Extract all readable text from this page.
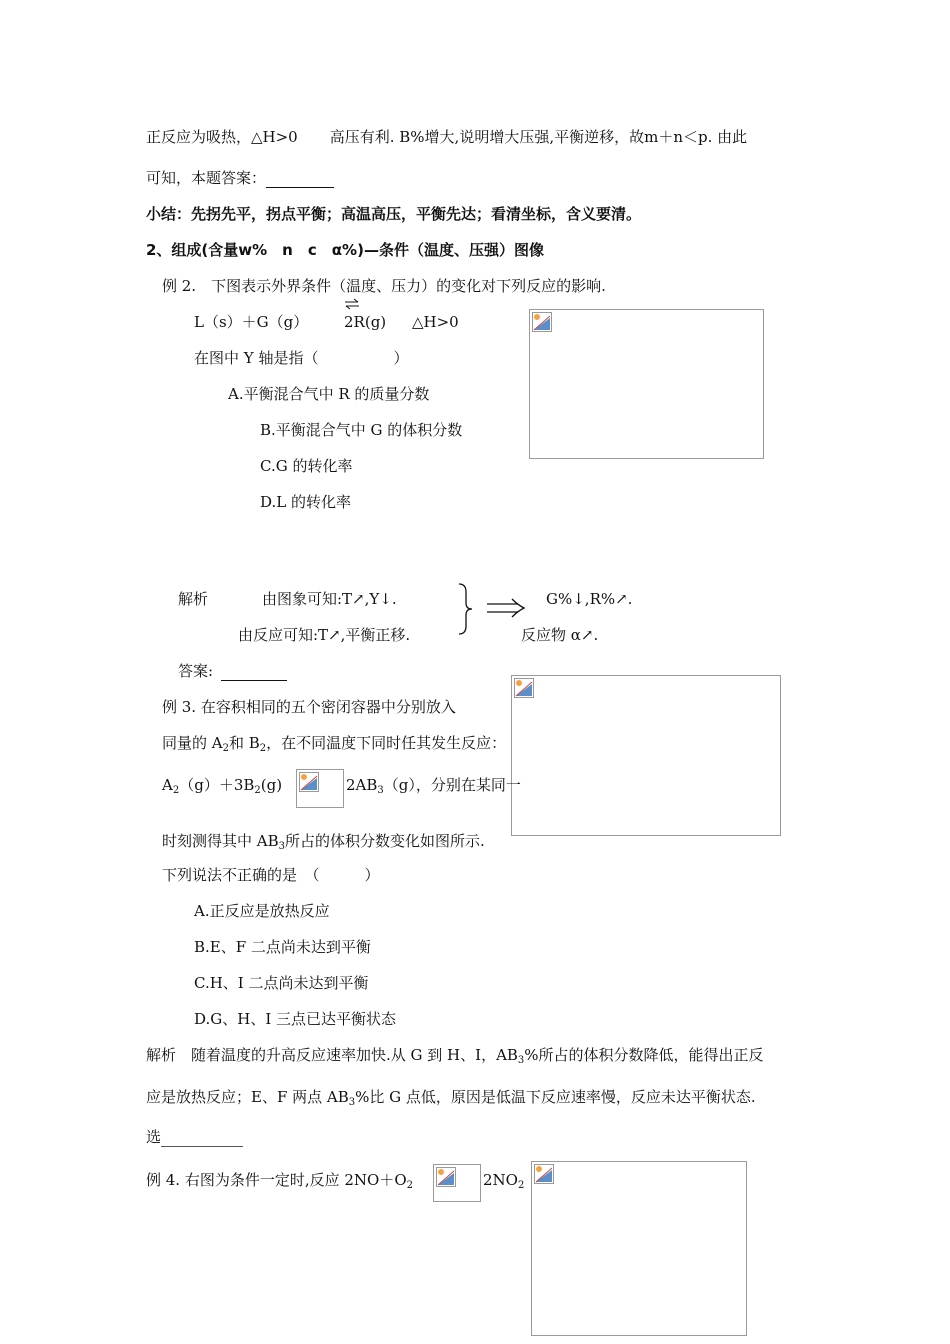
正反应为吸热，△H>0 高压有利. B%增大,说明增大压强,平衡逆移，故m＋n＜p. 由此
可知，本题答案：
小结：先拐先平，拐点平衡；高温高压，平衡先达；看清坐标，含义要清。
2、组成(含量w%　n　c　α%)—条件（温度、压强）图像
例 2.　下图表示外界条件（温度、压力）的变化对下列反应的影响.
L（s）＋G（g） 2R(g) △H>0
在图中 Y 轴是指（　　　　　）
A.平衡混合气中 R 的质量分数
B.平衡混合气中 G 的体积分数
C.G 的转化率
D.L 的转化率
解析	由图象可知:T↗,Y↓.
由反应可知:T↗,平衡正移.
G%↓,R%↗.
反应物 α↗.
答案:
例 3. 在容积相同的五个密闭容器中分别放入
同量的 $A_2$和 $B_2$，在不同温度下同时任其发生反应：
$A_2(g)+3B_2(g)$	$2AB_3(g)$，分别在某同一
时刻测得其中 $AB_3$所占的体积分数变化如图所示.
下列说法不正确的是　（　　　）
A.正反应是放热反应
B.E、F 二点尚未达到平衡
C.H、I 二点尚未达到平衡
D.G、H、I 三点已达平衡状态
解析　随着温度的升高反应速率加快.从 G 到 H、I，$AB_3\%$所占的体积分数降低，能得出正反
应是放热反应；E、F 两点 $AB_3\%$比 G 点低，原因是低温下反应速率慢，反应未达平衡状态.
选
例 4. 右图为条件一定时,反应 $2NO+O_2$	$2NO_2$
